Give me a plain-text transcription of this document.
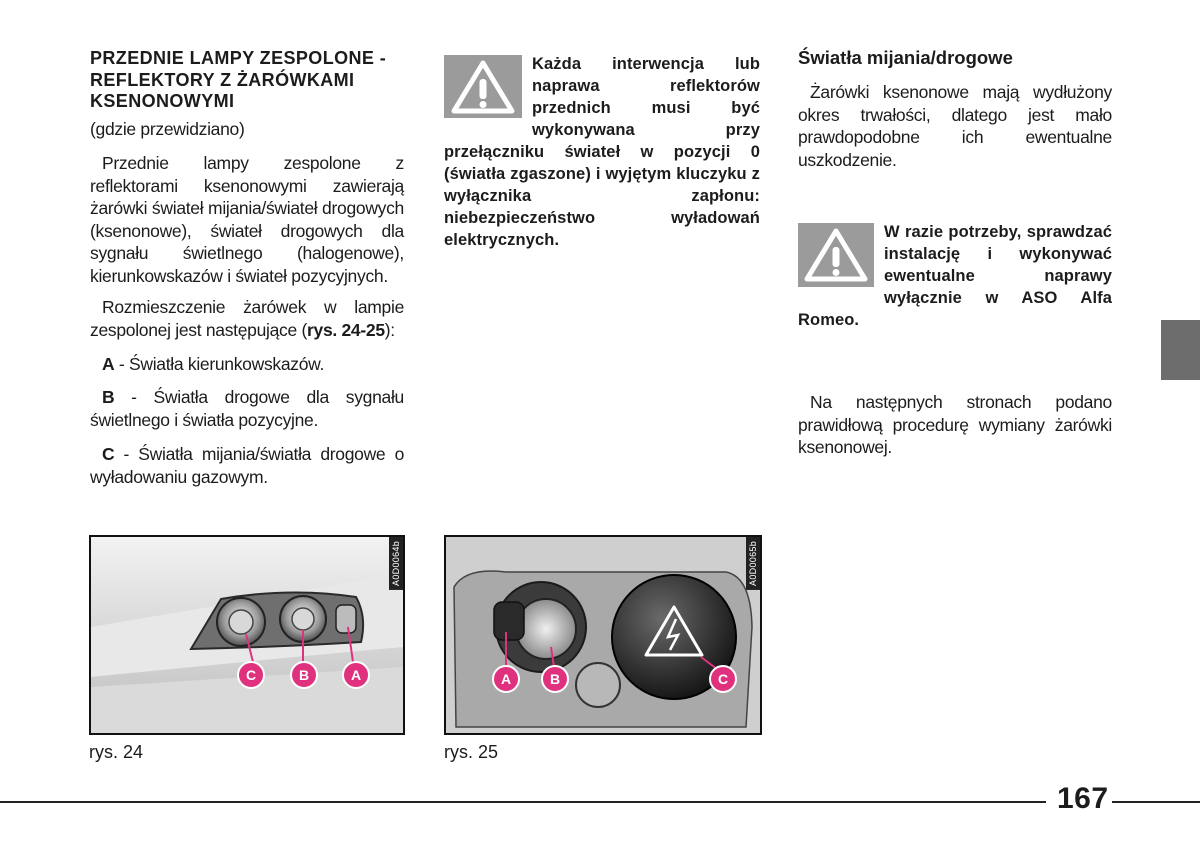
PRZEDNIE LAMPY ZESPOLONE - REFLEKTORY Z ŻARÓWKAMI KSENONOWYMI
(gdzie przewidziano)
Przednie lampy zespolone z reflektorami ksenonowymi zawierają żarówki świateł mijania/świateł drogowych (ksenonowe), świateł drogowych dla sygnału świetlnego (halogenowe), kierunkowskazów i świateł pozycyjnych.
Rozmieszczenie żarówek w lampie zespolonej jest następujące (rys. 24-25):
A - Światła kierunkowskazów.
B - Światła drogowe dla sygnału świetlnego i światła pozycyjne.
C - Światła mijania/światła drogowe o wyładowaniu gazowym.
Każda interwencja lub naprawa reflektorów przednich musi być wykonywana przy przełączniku świateł w pozycji 0 (światła zgaszone) i wyjętym kluczyku z wyłącznika zapłonu: niebezpieczeństwo wyładowań elektrycznych.
Światła mijania/drogowe
Żarówki ksenonowe mają wydłużony okres trwałości, dlatego jest mało prawdopodobne ich ewentualne uszkodzenie.
W razie potrzeby, sprawdzać instalację i wykonywać ewentualne naprawy wyłącznie w ASO Alfa Romeo.
Na następnych stronach podano prawidłową procedurę wymiany żarówki ksenonowej.
C	B	A
A0D0064b
rys. 24
A	B	C
A0D0065b
rys. 25
167
